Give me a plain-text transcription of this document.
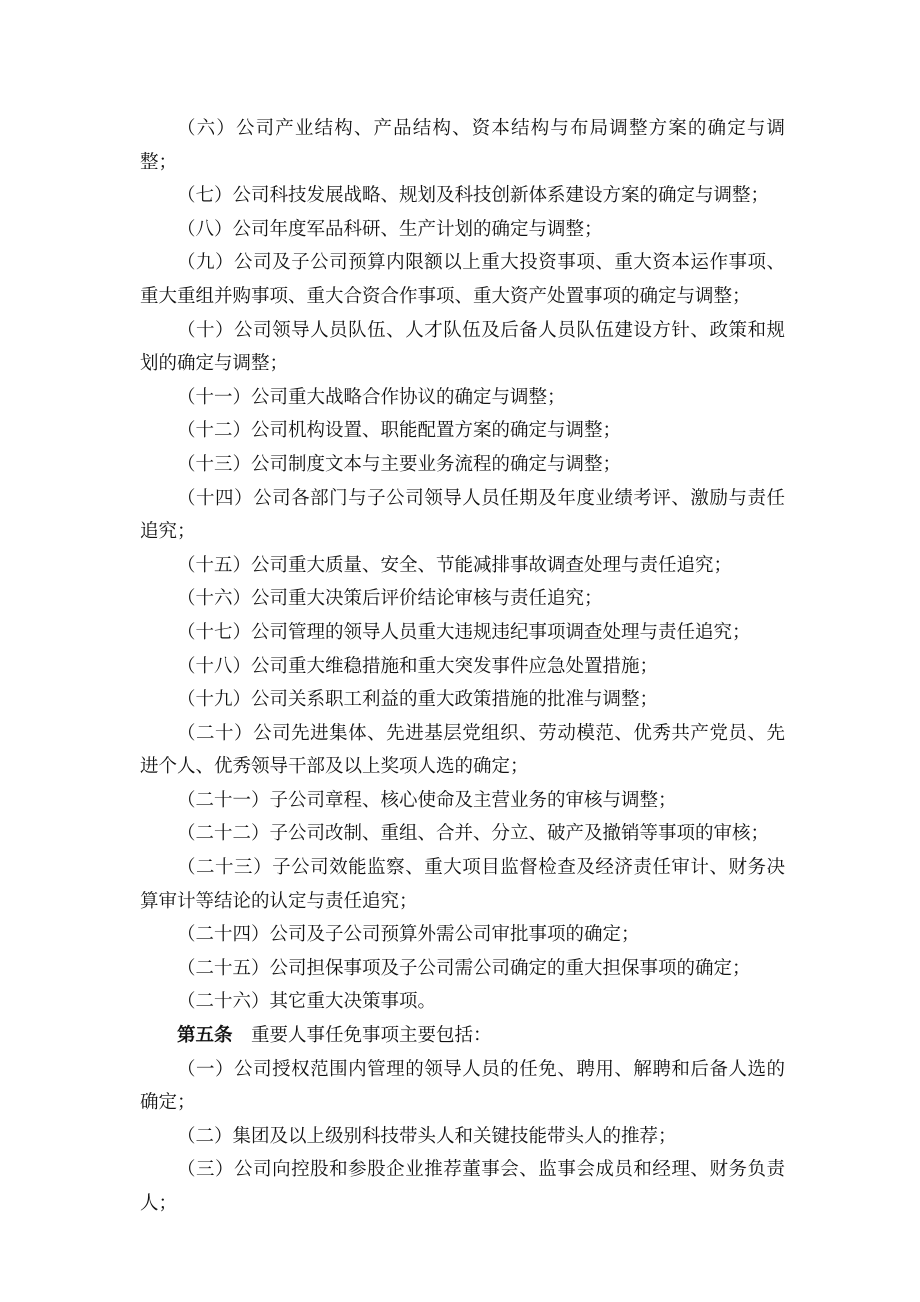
（六）公司产业结构、产品结构、资本结构与布局调整方案的确定与调整；

（七）公司科技发展战略、规划及科技创新体系建设方案的确定与调整；

（八）公司年度军品科研、生产计划的确定与调整；

（九）公司及子公司预算内限额以上重大投资事项、重大资本运作事项、重大重组并购事项、重大合资合作事项、重大资产处置事项的确定与调整；

（十）公司领导人员队伍、人才队伍及后备人员队伍建设方针、政策和规划的确定与调整；

（十一）公司重大战略合作协议的确定与调整；

（十二）公司机构设置、职能配置方案的确定与调整；

（十三）公司制度文本与主要业务流程的确定与调整；

（十四）公司各部门与子公司领导人员任期及年度业绩考评、激励与责任追究；

（十五）公司重大质量、安全、节能减排事故调查处理与责任追究；

（十六）公司重大决策后评价结论审核与责任追究；

（十七）公司管理的领导人员重大违规违纪事项调查处理与责任追究；

（十八）公司重大维稳措施和重大突发事件应急处置措施；

（十九）公司关系职工利益的重大政策措施的批准与调整；

（二十）公司先进集体、先进基层党组织、劳动模范、优秀共产党员、先进个人、优秀领导干部及以上奖项人选的确定；

（二十一）子公司章程、核心使命及主营业务的审核与调整；

（二十二）子公司改制、重组、合并、分立、破产及撤销等事项的审核；

（二十三）子公司效能监察、重大项目监督检查及经济责任审计、财务决算审计等结论的认定与责任追究；

（二十四）公司及子公司预算外需公司审批事项的确定；

（二十五）公司担保事项及子公司需公司确定的重大担保事项的确定；

（二十六）其它重大决策事项。

第五条 重要人事任免事项主要包括：

（一）公司授权范围内管理的领导人员的任免、聘用、解聘和后备人选的确定；

（二）集团及以上级别科技带头人和关键技能带头人的推荐；

（三）公司向控股和参股企业推荐董事会、监事会成员和经理、财务负责人；
